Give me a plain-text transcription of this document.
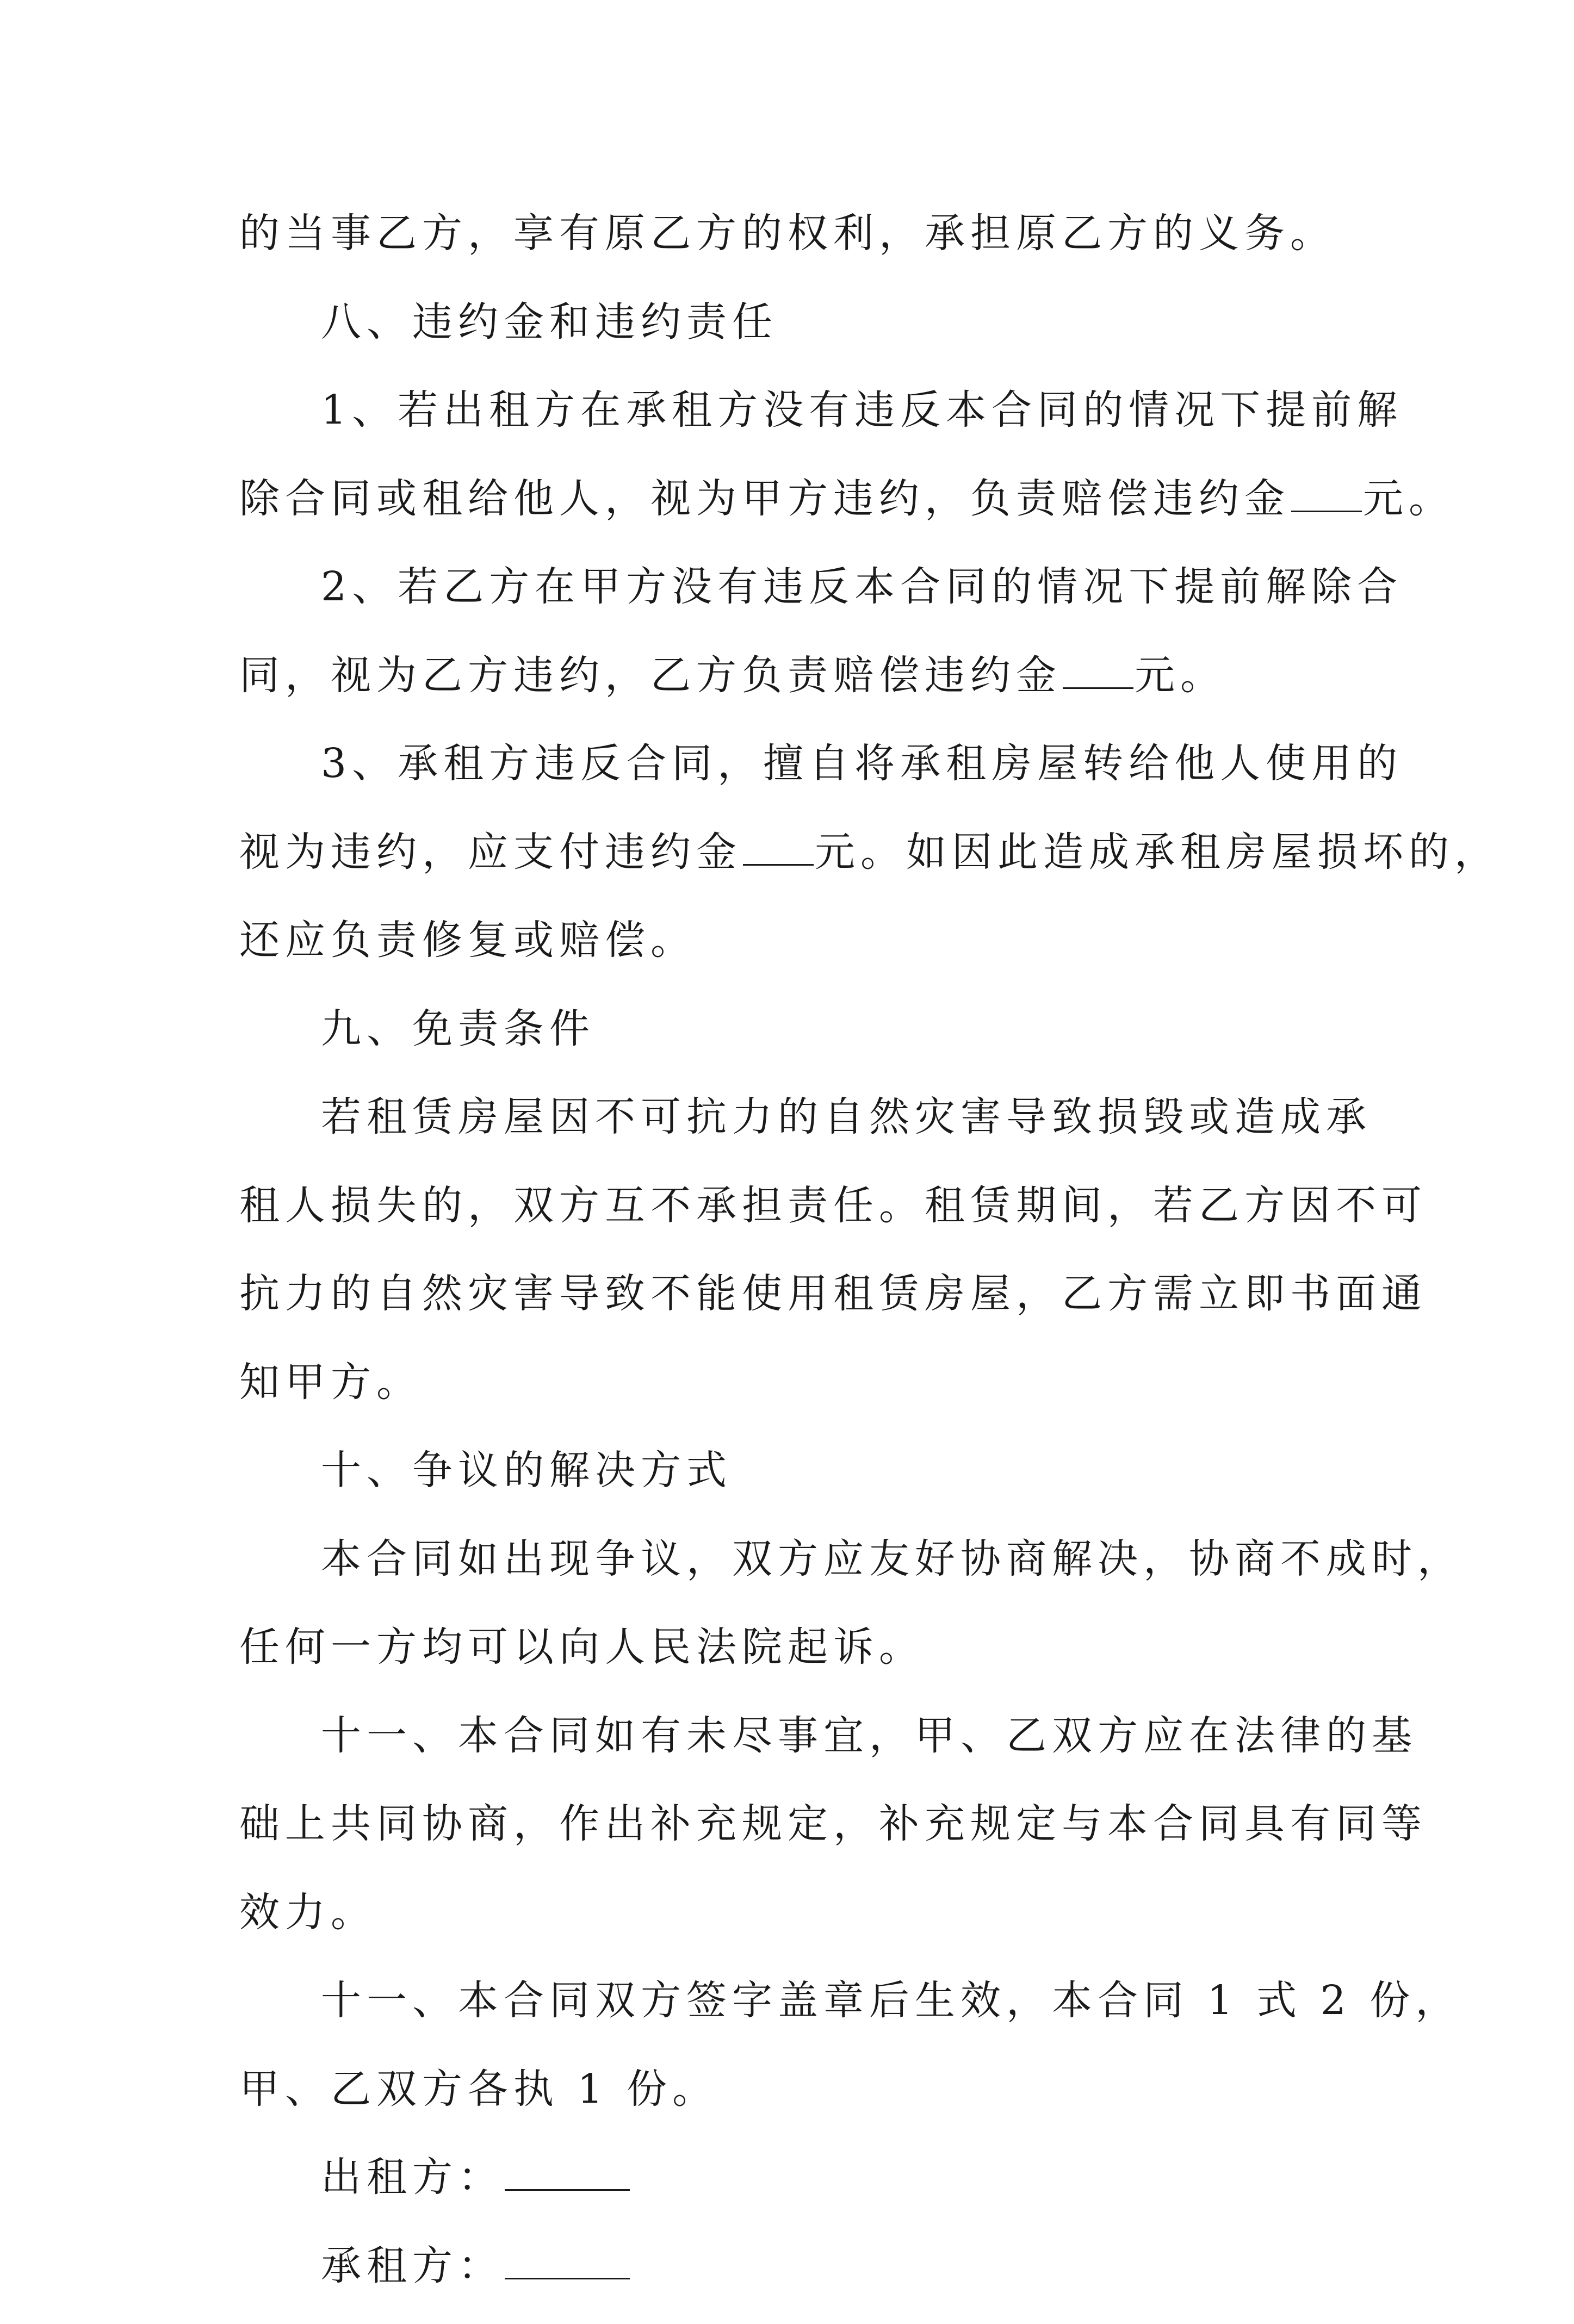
的当事乙方，享有原乙方的权利，承担原乙方的义务。
八、违约金和违约责任
1、若出租方在承租方没有违反本合同的情况下提前解
除合同或租给他人，视为甲方违约，负责赔偿违约金 元。
2、若乙方在甲方没有违反本合同的情况下提前解除合
同，视为乙方违约，乙方负责赔偿违约金 元。
3、承租方违反合同，擅自将承租房屋转给他人使用的
视为违约，应支付违约金 元。如因此造成承租房屋损坏的，
还应负责修复或赔偿。
九、免责条件
若租赁房屋因不可抗力的自然灾害导致损毁或造成承
租人损失的，双方互不承担责任。租赁期间，若乙方因不可
抗力的自然灾害导致不能使用租赁房屋，乙方需立即书面通
知甲方。
十、争议的解决方式
本合同如出现争议，双方应友好协商解决，协商不成时，
任何一方均可以向人民法院起诉。
十一、本合同如有未尽事宜，甲、乙双方应在法律的基
础上共同协商，作出补充规定，补充规定与本合同具有同等
效力。
十一、本合同双方签字盖章后生效，本合同 1 式 2 份，
甲、乙双方各执 1 份。
出租方：
承租方：
